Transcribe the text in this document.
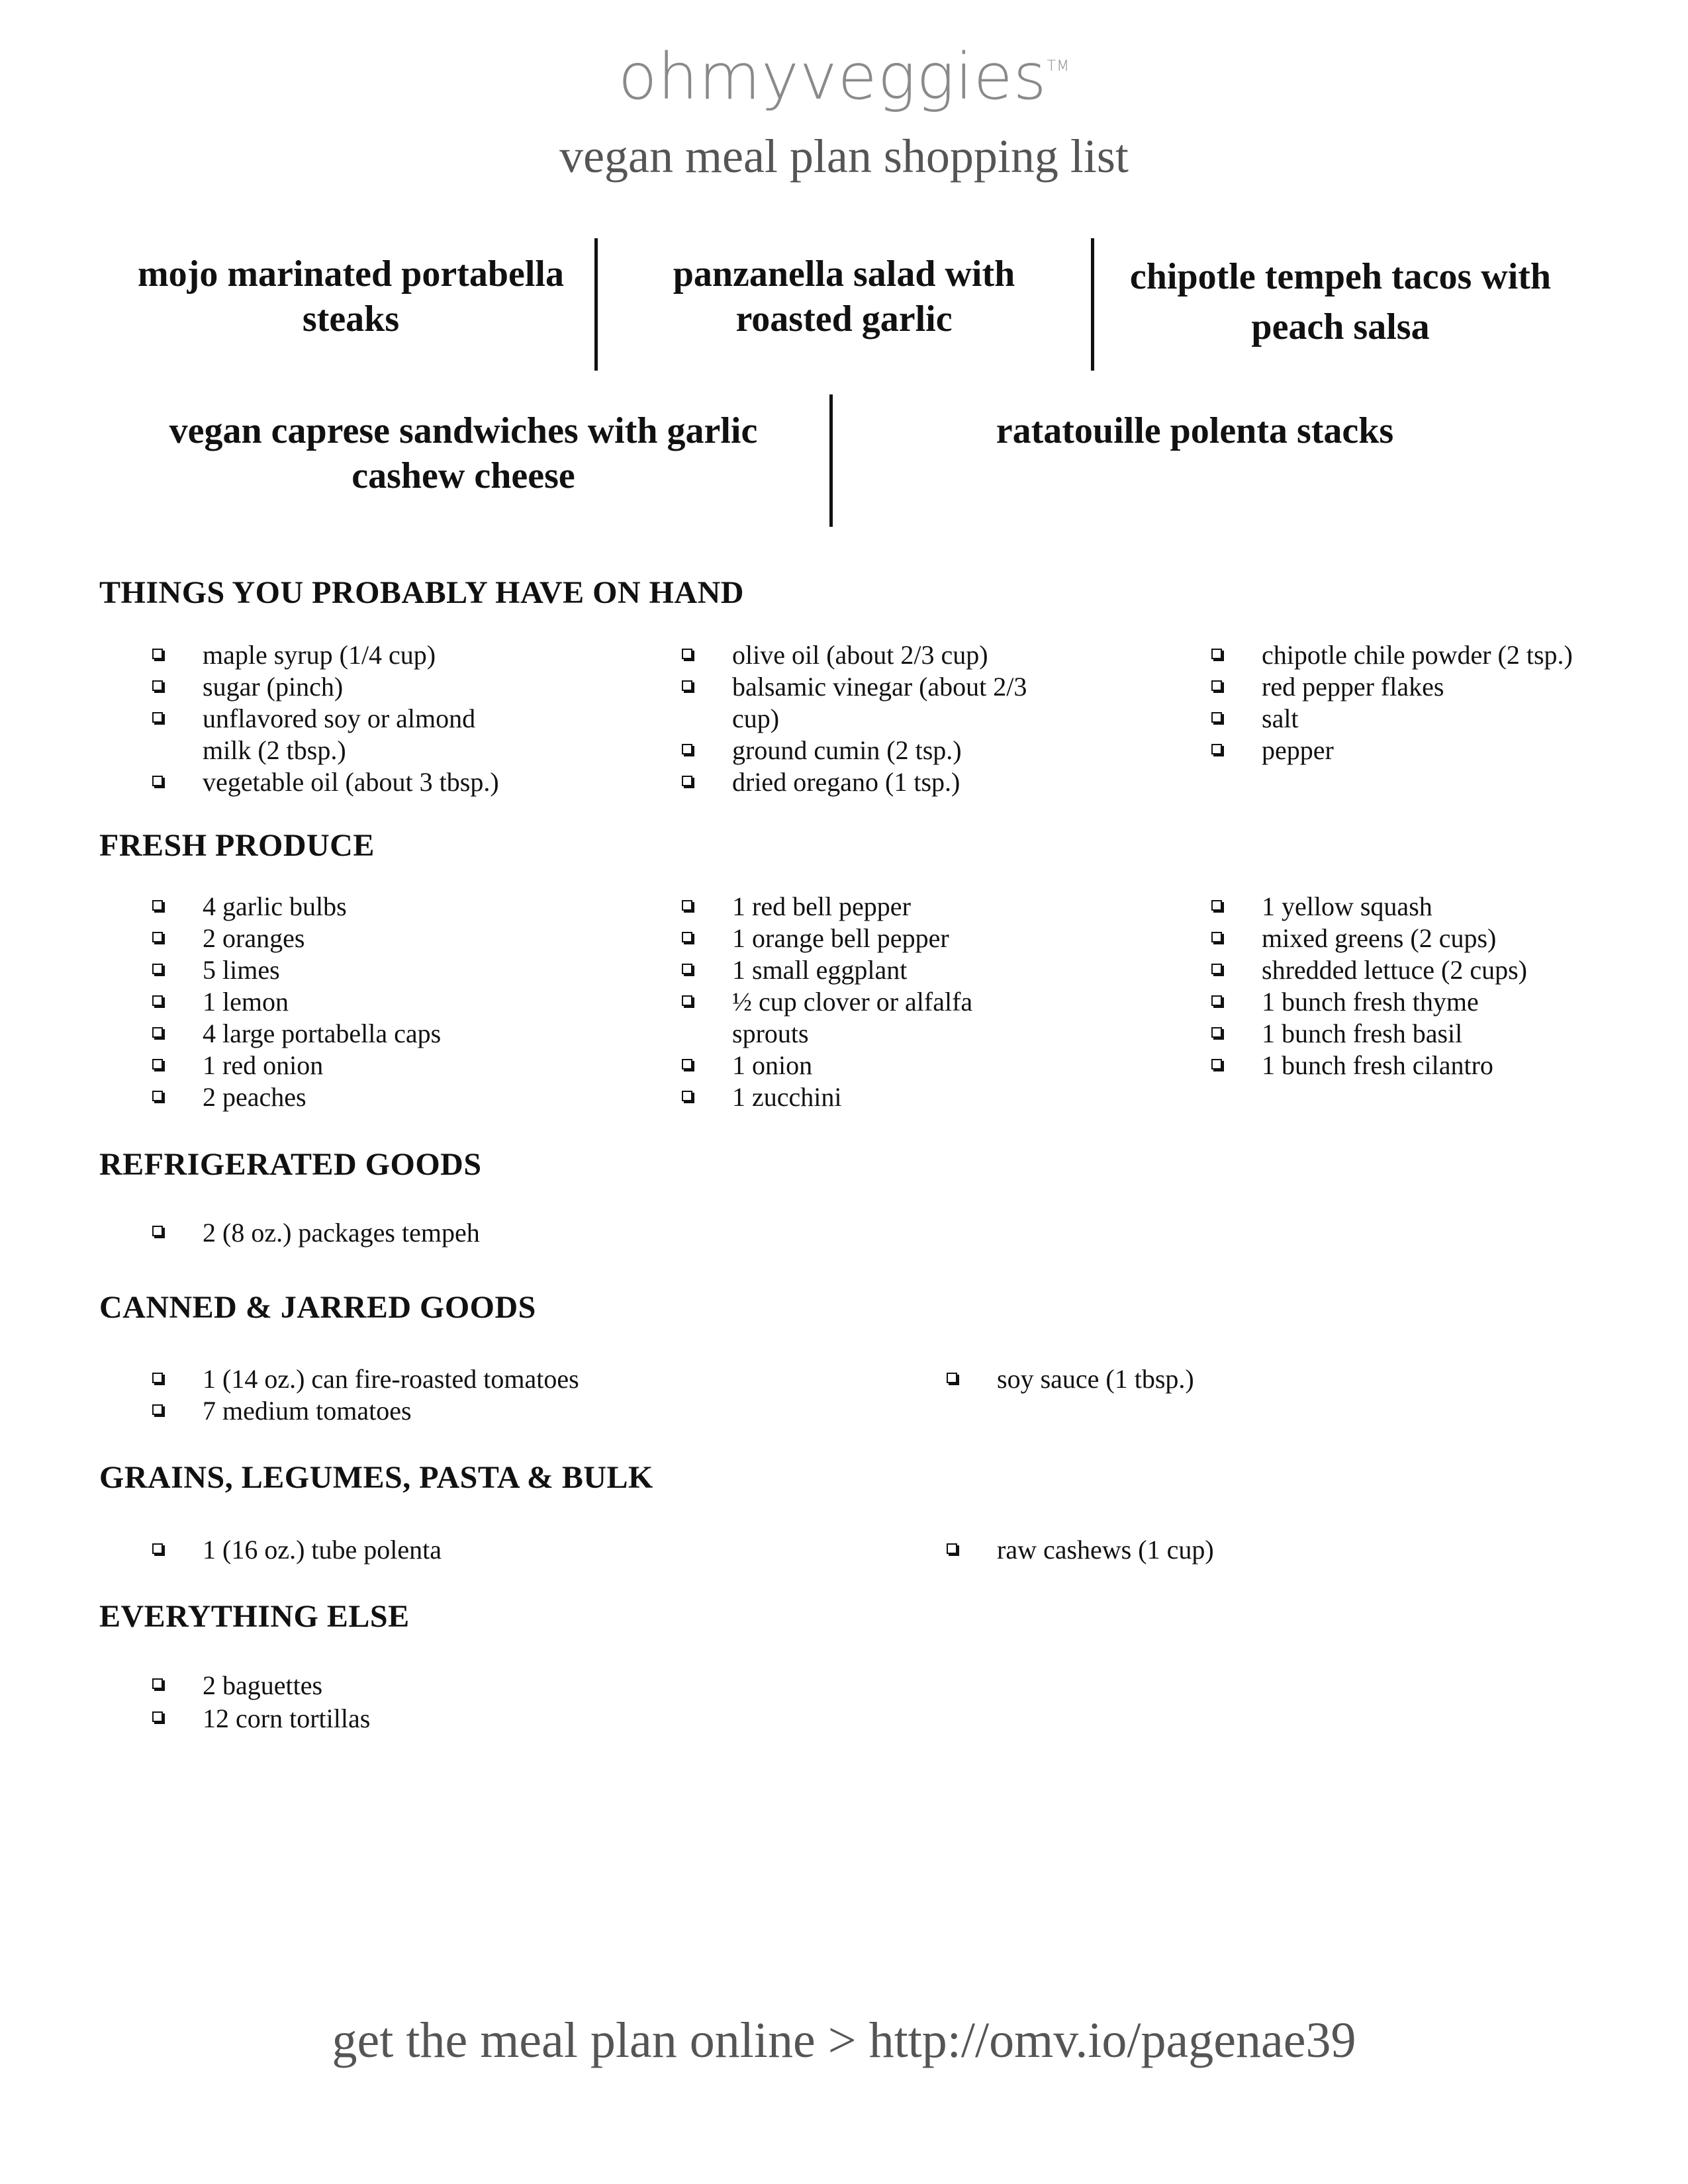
ohmyveggies™
vegan meal plan shopping list
mojo marinated portabella
steaks
panzanella salad with
roasted garlic
chipotle tempeh tacos with
peach salsa
vegan caprese sandwiches with garlic
cashew cheese
ratatouille polenta stacks
THINGS YOU PROBABLY HAVE ON HAND
maple syrup (1/4 cup)
sugar (pinch)
unflavored soy or almond milk (2 tbsp.)
vegetable oil (about 3 tbsp.)
olive oil (about 2/3 cup)
balsamic vinegar (about 2/3 cup)
ground cumin (2 tsp.)
dried oregano (1 tsp.)
chipotle chile powder (2 tsp.)
red pepper flakes
salt
pepper
FRESH PRODUCE
4 garlic bulbs
2 oranges
5 limes
1 lemon
4 large portabella caps
1 red onion
2 peaches
1 red bell pepper
1 orange bell pepper
1 small eggplant
½ cup clover or alfalfa sprouts
1 onion
1 zucchini
1 yellow squash
mixed greens (2 cups)
shredded lettuce (2 cups)
1 bunch fresh thyme
1 bunch fresh basil
1 bunch fresh cilantro
REFRIGERATED GOODS
2 (8 oz.) packages tempeh
CANNED & JARRED GOODS
1 (14 oz.) can fire-roasted tomatoes
7 medium tomatoes
soy sauce (1 tbsp.)
GRAINS, LEGUMES, PASTA & BULK
1 (16 oz.) tube polenta	raw cashews (1 cup)
EVERYTHING ELSE
2 baguettes
12 corn tortillas
get the meal plan online > http://omv.io/pagenae39
